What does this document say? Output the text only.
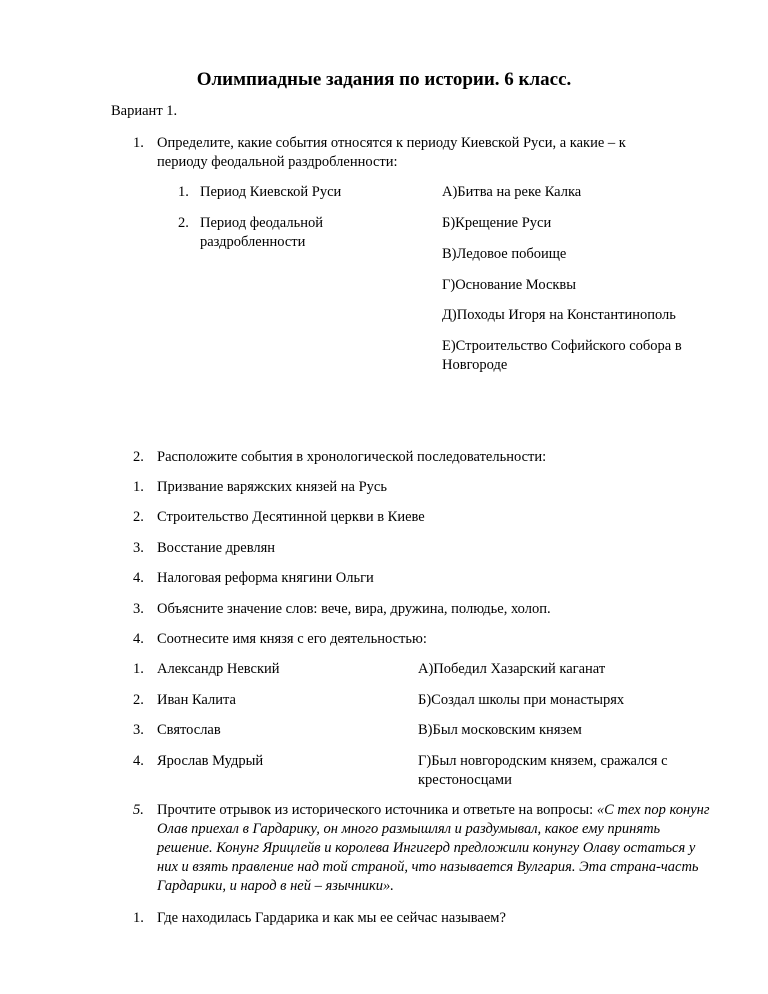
Олимпиадные задания по истории. 6 класс.
Вариант 1.
1. Определите, какие события относятся к периоду Киевской Руси, а какие – к периоду феодальной раздробленности:
1. Период Киевской Руси
2. Период феодальной раздробленности
А)Битва на реке Калка
Б)Крещение Руси
В)Ледовое побоище
Г)Основание Москвы
Д)Походы Игоря на Константинополь
Е)Строительство Софийского собора в Новгороде
2. Расположите события в хронологической последовательности:
1. Призвание варяжских князей на Русь
2. Строительство Десятинной церкви в Киеве
3. Восстание древлян
4. Налоговая реформа княгини Ольги
3. Объясните значение слов: вече, вира, дружина, полюдье, холоп.
4. Соотнесите имя князя с его деятельностью:
1. Александр Невский
2. Иван Калита
3. Святослав
4. Ярослав Мудрый
А)Победил Хазарский каганат
Б)Создал школы при монастырях
В)Был московским князем
Г)Был новгородским князем, сражался с крестоносцами
5. Прочтите отрывок из исторического источника и ответьте на вопросы: «С тех пор конунг Олав приехал в Гардарику, он много размышлял и раздумывал, какое ему принять решение. Конунг Ярицлейв и королева Ингигерд предложили конунгу Олаву остаться у них и взять правление над той страной, что называется Вулгария. Эта страна-часть Гардарики, и народ в ней – язычники».
1. Где находилась Гардарика и как мы ее сейчас называем?
